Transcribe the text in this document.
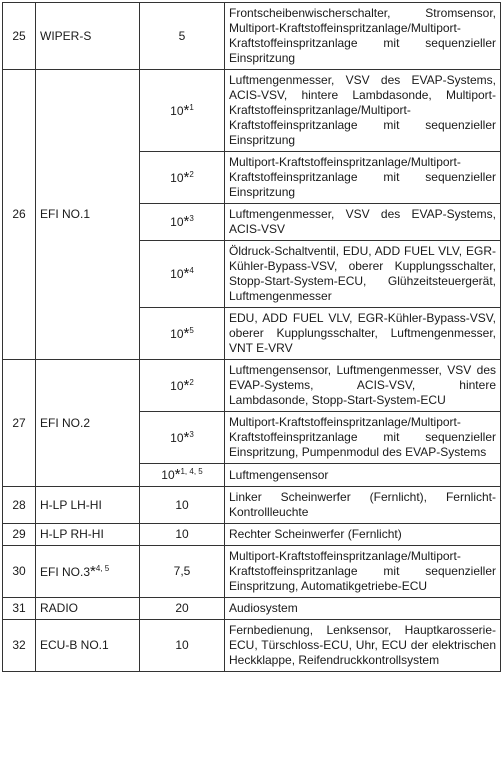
25	WIPER-S	5	Frontscheibenwischerschalter, Stromsensor, Multiport-Kraftstoffeinspritzanlage/Multiport-Kraftstoffeinspritzanlage mit sequenzieller Einspritzung
26	EFI NO.1	10*$^1$	Luftmengenmesser, VSV des EVAP-Systems, ACIS-VSV, hintere Lambdasonde, Multiport-Kraftstoffeinspritzanlage/Multiport-Kraftstoffeinspritzanlage mit sequenzieller Einspritzung
		10*$^2$	Multiport-Kraftstoffeinspritzanlage/Multiport-Kraftstoffeinspritzanlage mit sequenzieller Einspritzung
		10*$^3$	Luftmengenmesser, VSV des EVAP-Systems, ACIS-VSV
		10*$^4$	Öldruck-Schaltventil, EDU, ADD FUEL VLV, EGR-Kühler-Bypass-VSV, oberer Kupplungsschalter, Stopp-Start-System-ECU, Glühzeitsteuergerät, Luftmengenmesser
		10*$^5$	EDU, ADD FUEL VLV, EGR-Kühler-Bypass-VSV, oberer Kupplungsschalter, Luftmengenmesser, VNT E-VRV
27	EFI NO.2	10*$^2$	Luftmengensensor, Luftmengenmesser, VSV des EVAP-Systems, ACIS-VSV, hintere Lambdasonde, Stopp-Start-System-ECU
		10*$^3$	Multiport-Kraftstoffeinspritzanlage/Multiport-Kraftstoffeinspritzanlage mit sequenzieller Einspritzung, Pumpenmodul des EVAP-Systems
		10*$^{1, 4, 5}$	Luftmengensensor
28	H-LP LH-HI	10	Linker Scheinwerfer (Fernlicht), Fernlicht-Kontrollleuchte
29	H-LP RH-HI	10	Rechter Scheinwerfer (Fernlicht)
30	EFI NO.3*$^{4, 5}$	7,5	Multiport-Kraftstoffeinspritzanlage/Multiport-Kraftstoffeinspritzanlage mit sequenzieller Einspritzung, Automatikgetriebe-ECU
31	RADIO	20	Audiosystem
32	ECU-B NO.1	10	Fernbedienung, Lenksensor, Hauptkarosserie-ECU, Türschloss-ECU, Uhr, ECU der elektrischen Heckklappe, Reifendruckkontrollsystem
